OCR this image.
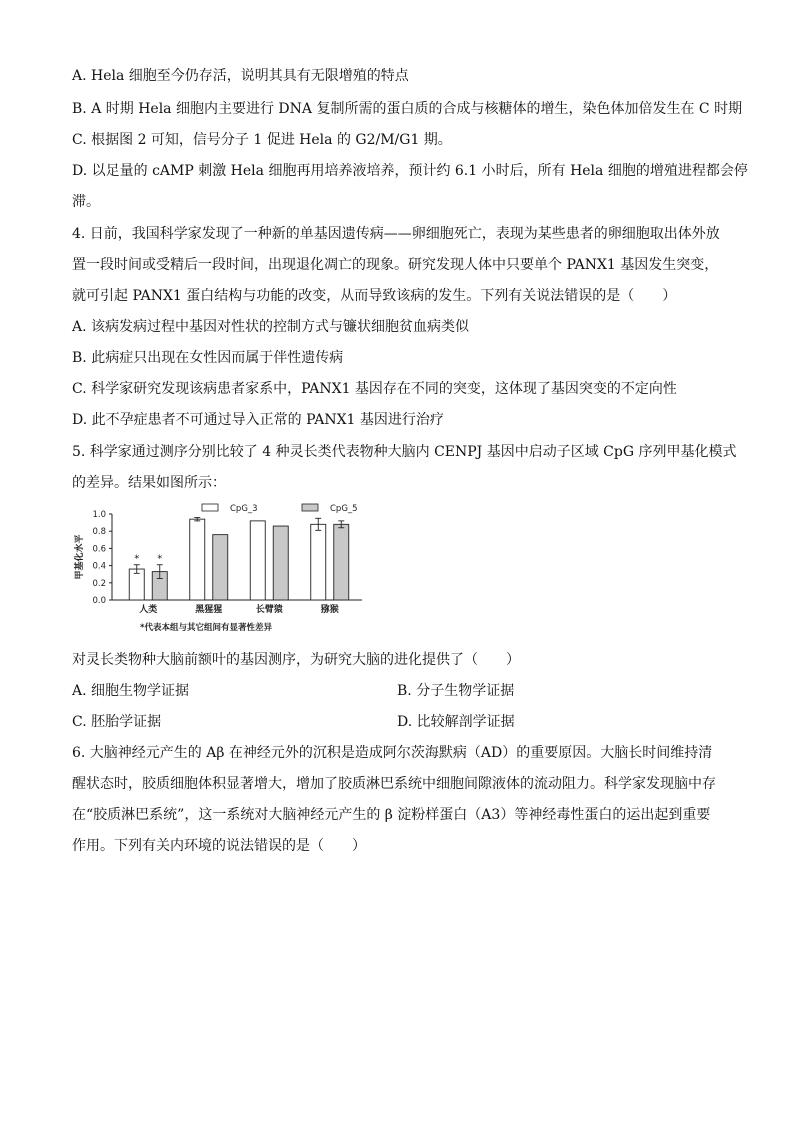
A. Hela 细胞至今仍存活，说明其具有无限增殖的特点
B. A 时期 Hela 细胞内主要进行 DNA 复制所需的蛋白质的合成与核糖体的增生，染色体加倍发生在 C 时期
C. 根据图 2 可知，信号分子 1 促进 Hela 的 G2/M/G1 期。
D. 以足量的 cAMP 刺激 Hela 细胞再用培养液培养，预计约 6.1 小时后，所有 Hela 细胞的增殖进程都会停
滞。
4. 日前，我国科学家发现了一种新的单基因遗传病——卵细胞死亡，表现为某些患者的卵细胞取出体外放
置一段时间或受精后一段时间，出现退化凋亡的现象。研究发现人体中只要单个 PANX1 基因发生突变，
就可引起 PANX1 蛋白结构与功能的改变，从而导致该病的发生。下列有关说法错误的是（　　）
A. 该病发病过程中基因对性状的控制方式与镰状细胞贫血病类似
B. 此病症只出现在女性因而属于伴性遗传病
C. 科学家研究发现该病患者家系中，PANX1 基因存在不同的突变，这体现了基因突变的不定向性
D. 此不孕症患者不可通过导入正常的 PANX1 基因进行治疗
5. 科学家通过测序分别比较了 4 种灵长类代表物种大脑内 CENPJ 基因中启动子区域 CpG 序列甲基化模式
的差异。结果如图所示：
0.0
0.2
0.4
0.6
0.8
1.0
甲基化水平	* *
人类	黑猩猩	长臂猿	猕猴
CpG_3	CpG_5
*代表本组与其它组间有显著性差异
对灵长类物种大脑前额叶的基因测序，为研究大脑的进化提供了（　　）
A. 细胞生物学证据	B. 分子生物学证据
C. 胚胎学证据	D. 比较解剖学证据
6. 大脑神经元产生的 Aβ 在神经元外的沉积是造成阿尔茨海默病（AD）的重要原因。大脑长时间维持清
醒状态时，胶质细胞体积显著增大，增加了胶质淋巴系统中细胞间隙液体的流动阻力。科学家发现脑中存
在“胶质淋巴系统”，这一系统对大脑神经元产生的 β 淀粉样蛋白（A3）等神经毒性蛋白的运出起到重要
作用。下列有关内环境的说法错误的是（　　）
